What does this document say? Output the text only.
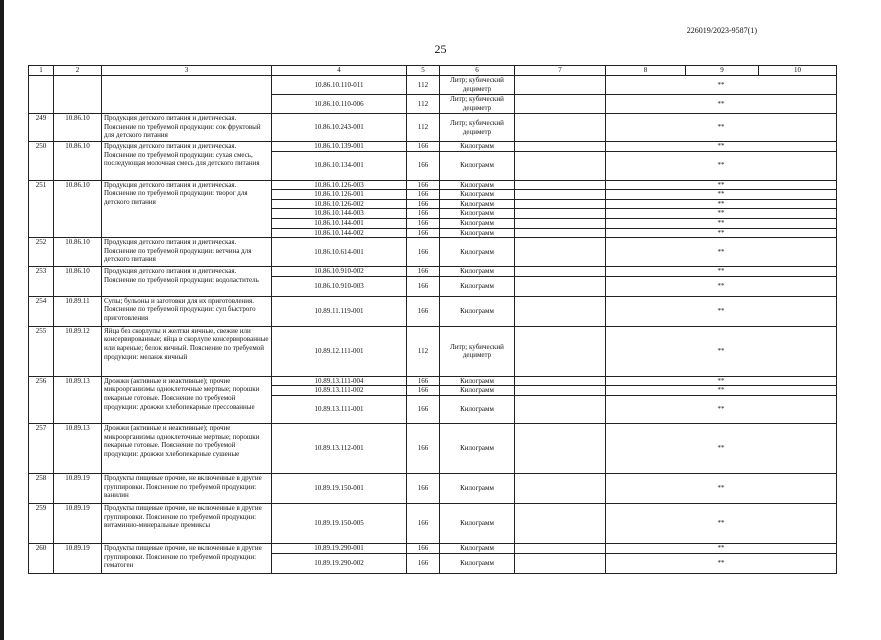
226019/2023-9587(1)
25
1	2	3	4	5	6	7	8	9	10	
			10.86.10.110-011	112	Литр; кубический дециметр		**			
			10.86.10.110-006	112	Литр; кубический дециметр		**			
249	10.86.10	Продукция детского питания и диетическая. Пояснение по требуемой продукции: сок фруктовый для детского питания	10.86.10.243-001	112	Литр; кубический дециметр		**			
250	10.86.10	Продукция детского питания и диетическая. Пояснение по требуемой продукции: сухая смесь, последующая молочная смесь для детского питания	10.86.10.139-001	166	Килограмм		**			
			10.86.10.134-001	166	Килограмм		**			
251	10.86.10	Продукция детского питания и диетическая. Пояснение по требуемой продукции: творог для детского питания	10.86.10.126-003	166	Килограмм		**			
			10.86.10.126-001	166	Килограмм		**			
			10.86.10.126-002	166	Килограмм		**			
			10.86.10.144-003	166	Килограмм		**			
			10.86.10.144-001	166	Килограмм		**			
			10.86.10.144-002	166	Килограмм		**			
252	10.86.10	Продукция детского питания и диетическая. Пояснение по требуемой продукции: ветчина для детского питания	10.86.10.614-001	166	Килограмм		**			
253	10.86.10	Продукция детского питания и диетическая. Пояснение по требуемой продукции: водоластитель	10.86.10.910-002	166	Килограмм		**			
			10.86.10.910-003	166	Килограмм		**			
254	10.89.11	Супы; бульоны и заготовки для их приготовления. Пояснение по требуемой продукции: суп быстрого приготовления	10.89.11.119-001	166	Килограмм		**			
255	10.89.12	Яйца без скорлупы и желтки яичные, свежие или консервированные; яйца в скорлупе консервированные или вареные; белок яичный. Пояснение по требуемой продукции: меланж яичный	10.89.12.111-001	112	Литр; кубический дециметр		**			
256	10.89.13	Дрожжи (активные и неактивные); прочие микроорганизмы одноклеточные мертвые; порошки пекарные готовые. Пояснение по требуемой продукции: дрожжи хлебопекарные прессованные	10.89.13.111-004	166	Килограмм		**			
			10.89.13.111-002	166	Килограмм		**			
			10.89.13.111-001	166	Килограмм		**			
257	10.89.13	Дрожжи (активные и неактивные); прочие микроорганизмы одноклеточные мертвые; порошки пекарные готовые. Пояснение по требуемой продукции: дрожжи хлебопекарные сушеные	10.89.13.112-001	166	Килограмм		**			
258	10.89.19	Продукты пищевые прочие, не включенные в другие группировки. Пояснение по требуемой продукции: ванилин	10.89.19.150-001	166	Килограмм		**			
259	10.89.19	Продукты пищевые прочие, не включенные в другие группировки. Пояснение по требуемой продукции: витаминно-минеральные премиксы	10.89.19.150-005	166	Килограмм		**			
260	10.89.19	Продукты пищевые прочие, не включенные в другие группировки. Пояснение по требуемой продукции: гематоген	10.89.19.290-001	166	Килограмм		**			
			10.89.19.290-002	166	Килограмм		**			
